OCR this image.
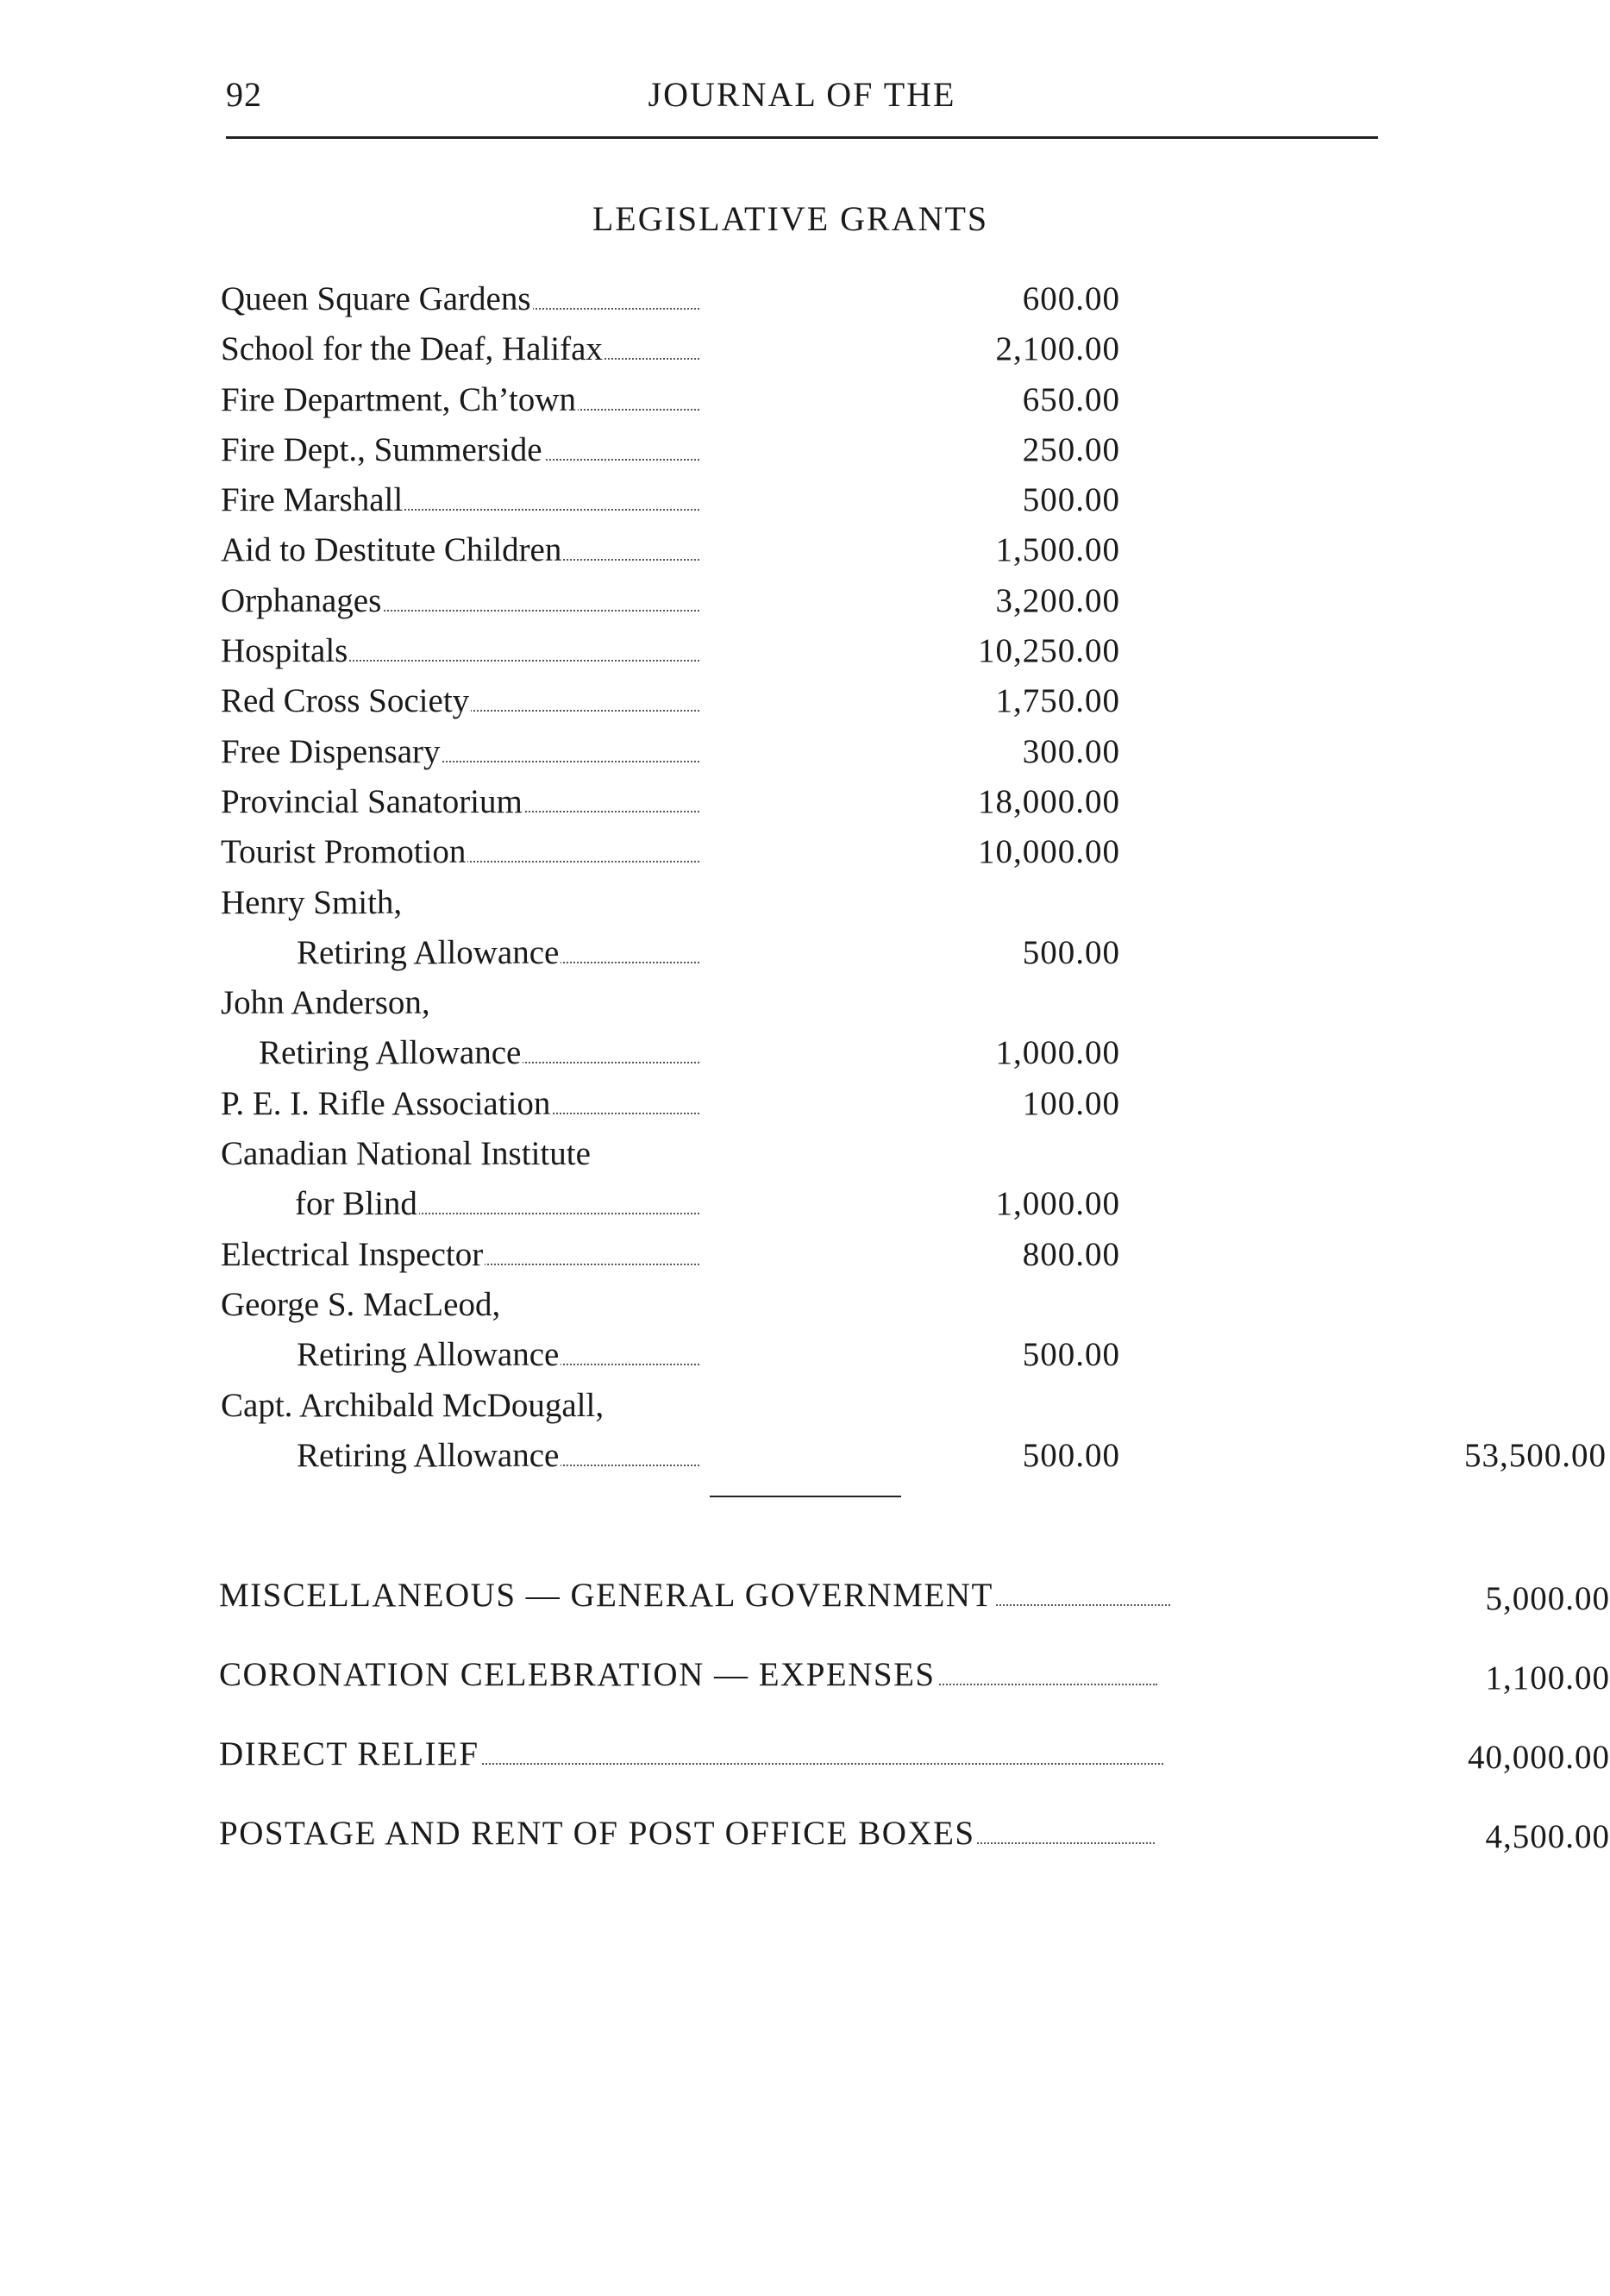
92	JOURNAL OF THE
LEGISLATIVE GRANTS
Queen Square Gardens	600.00
School for the Deaf, Halifax	2,100.00
Fire Department, Ch’town	650.00
Fire Dept., Summerside	250.00
Fire Marshall	500.00
Aid to Destitute Children	1,500.00
Orphanages	3,200.00
Hospitals	10,250.00
Red Cross Society	1,750.00
Free Dispensary	300.00
Provincial Sanatorium	18,000.00
Tourist Promotion	10,000.00
Henry Smith,
Retiring Allowance	500.00
John Anderson,
Retiring Allowance	1,000.00
P. E. I. Rifle Association	100.00
Canadian National Institute
for Blind	1,000.00
Electrical Inspector	800.00
George S. MacLeod,
Retiring Allowance	500.00
Capt. Archibald McDougall,
Retiring Allowance	500.00	53,500.00
MISCELLANEOUS — GENERAL GOVERNMENT	5,000.00
CORONATION CELEBRATION — EXPENSES	1,100.00
DIRECT RELIEF	40,000.00
POSTAGE AND RENT OF POST OFFICE BOXES	4,500.00
